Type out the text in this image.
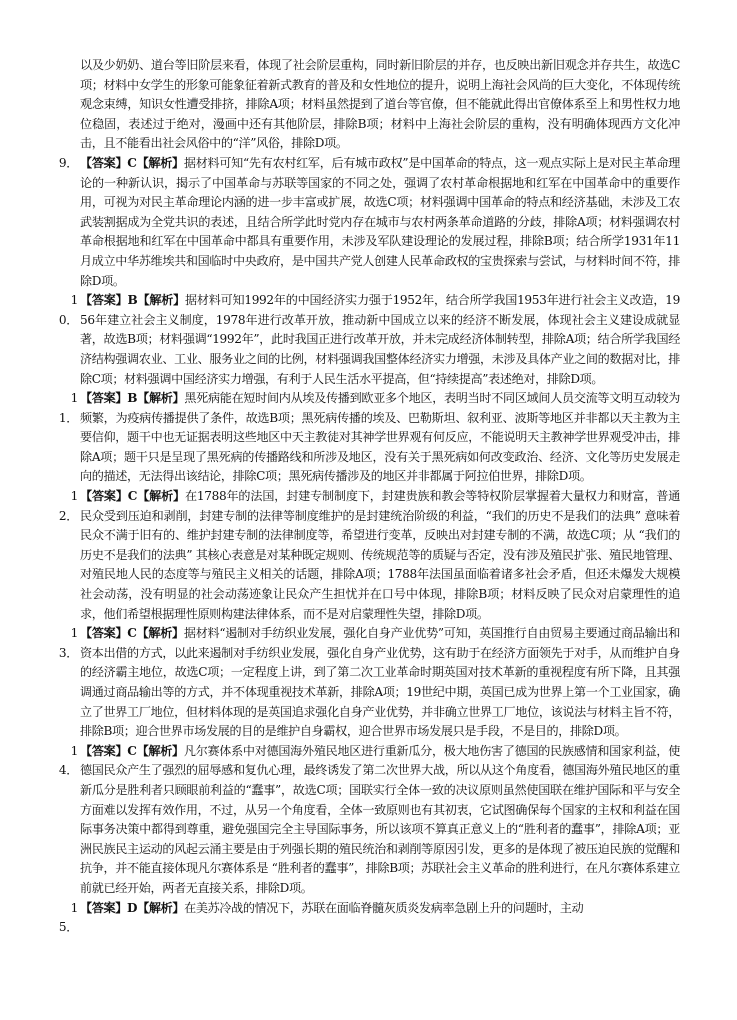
以及少奶奶、道台等旧阶层来看，体现了社会阶层重构，同时新旧阶层的并存，也反映出新旧观念并存共生，故选C项；材料中女学生的形象可能象征着新式教育的普及和女性地位的提升，说明上海社会风尚的巨大变化，不体现传统观念束缚，知识女性遭受排挤，排除A项；材料虽然提到了道台等官僚，但不能就此得出官僚体系至上和男性权力地位稳固，表述过于绝对，漫画中还有其他阶层，排除B项；材料中上海社会阶层的重构，没有明确体现西方文化冲击，且不能看出社会风俗中的“洋”风俗，排除D项。

9． 【答案】C【解析】据材料可知“先有农村红军，后有城市政权”是中国革命的特点，这一观点实际上是对民主革命理论的一种新认识，揭示了中国革命与苏联等国家的不同之处，强调了农村革命根据地和红军在中国革命中的重要作用，可视为对民主革命理论内涵的进一步丰富或扩展，故选C项；材料强调中国革命的特点和经济基础，未涉及工农武装割据成为全党共识的表述，且结合所学此时党内存在城市与农村两条革命道路的分歧，排除A项；材料强调农村革命根据地和红军在中国革命中都具有重要作用，未涉及军队建设理论的发展过程，排除B项；结合所学1931年11月成立中华苏维埃共和国临时中央政府，是中国共产党人创建人民革命政权的宝贵探索与尝试，与材料时间不符，排除D项。

10．

【答案】B【解析】据材料可知1992年的中国经济实力强于1952年，结合所学我国1953年进行社会主义改造，1956年建立社会主义制度，1978年进行改革开放，推动新中国成立以来的经济不断发展，体现社会主义建设成就显著，故选B项；材料强调“1992年”，此时我国正进行改革开放，并未完成经济体制转型，排除A项；结合所学我国经济结构强调农业、工业、服务业之间的比例，材料强调我国整体经济实力增强，未涉及具体产业之间的数据对比，排除C项；材料强调中国经济实力增强，有利于人民生活水平提高，但“持续提高”表述绝对，排除D项。

11．

【答案】B【解析】黑死病能在短时间内从埃及传播到欧亚多个地区，表明当时不同区域间人员交流等文明互动较为频繁，为疫病传播提供了条件，故选B项；黑死病传播的埃及、巴勒斯坦、叙利亚、波斯等地区并非都以天主教为主要信仰，题干中也无证据表明这些地区中天主教徒对其神学世界观有何反应，不能说明天主教神学世界观受冲击，排除A项；题干只是呈现了黑死病的传播路线和所涉及地区，没有关于黑死病如何改变政治、经济、文化等历史发展走向的描述，无法得出该结论，排除C项；黑死病传播涉及的地区并非都属于阿拉伯世界，排除D项。

12．

【答案】C【解析】在1788年的法国，封建专制制度下，封建贵族和教会等特权阶层掌握着大量权力和财富，普通民众受到压迫和剥削，封建专制的法律等制度维护的是封建统治阶级的利益，“我们的历史不是我们的法典” 意味着民众不满于旧有的、维护封建专制的法律制度等，希望进行变革，反映出对封建专制的不满，故选C项；从 “我们的历史不是我们的法典” 其核心表意是对某种既定规则、传统规范等的质疑与否定，没有涉及殖民扩张、殖民地管理、对殖民地人民的态度等与殖民主义相关的话题，排除A项；1788年法国虽面临着诸多社会矛盾，但还未爆发大规模社会动荡，没有明显的社会动荡迹象让民众产生担忧并在口号中体现，排除B项；材料反映了民众对启蒙理性的追求，他们希望根据理性原则构建法律体系，而不是对启蒙理性失望，排除D项。

13．

【答案】C【解析】据材料“遏制对手纺织业发展，强化自身产业优势”可知，英国推行自由贸易主要通过商品输出和资本出借的方式，以此来遏制对手纺织业发展，强化自身产业优势，这有助于在经济方面领先于对手，从而维护自身的经济霸主地位，故选C项；一定程度上讲，到了第二次工业革命时期英国对技术革新的重视程度有所下降，且其强调通过商品输出等的方式，并不体现重视技术革新，排除A项；19世纪中期，英国已成为世界上第一个工业国家，确立了世界工厂地位，但材料体现的是英国追求强化自身产业优势，并非确立世界工厂地位，该说法与材料主旨不符，排除B项；迎合世界市场发展的目的是维护自身霸权，迎合世界市场发展只是手段，不是目的，排除D项。

14．

【答案】C【解析】凡尔赛体系中对德国海外殖民地区进行重新瓜分，极大地伤害了德国的民族感情和国家利益，使德国民众产生了强烈的屈辱感和复仇心理，最终诱发了第二次世界大战，所以从这个角度看，德国海外殖民地区的重新瓜分是胜利者只顾眼前利益的“蠢事”，故选C项；国联实行全体一致的决议原则虽然使国联在维护国际和平与安全方面难以发挥有效作用，不过，从另一个角度看，全体一致原则也有其初衷，它试图确保每个国家的主权和利益在国际事务决策中都得到尊重，避免强国完全主导国际事务，所以该项不算真正意义上的“胜利者的蠢事”，排除A项；亚洲民族民主运动的风起云涌主要是由于列强长期的殖民统治和剥削等原因引发，更多的是体现了被压迫民族的觉醒和抗争，并不能直接体现凡尔赛体系是 “胜利者的蠢事”，排除B项；苏联社会主义革命的胜利进行，在凡尔赛体系建立前就已经开始，两者无直接关系，排除D项。

15．

【答案】D【解析】在美苏冷战的情况下，苏联在面临脊髓灰质炎发病率急剧上升的问题时，主动
